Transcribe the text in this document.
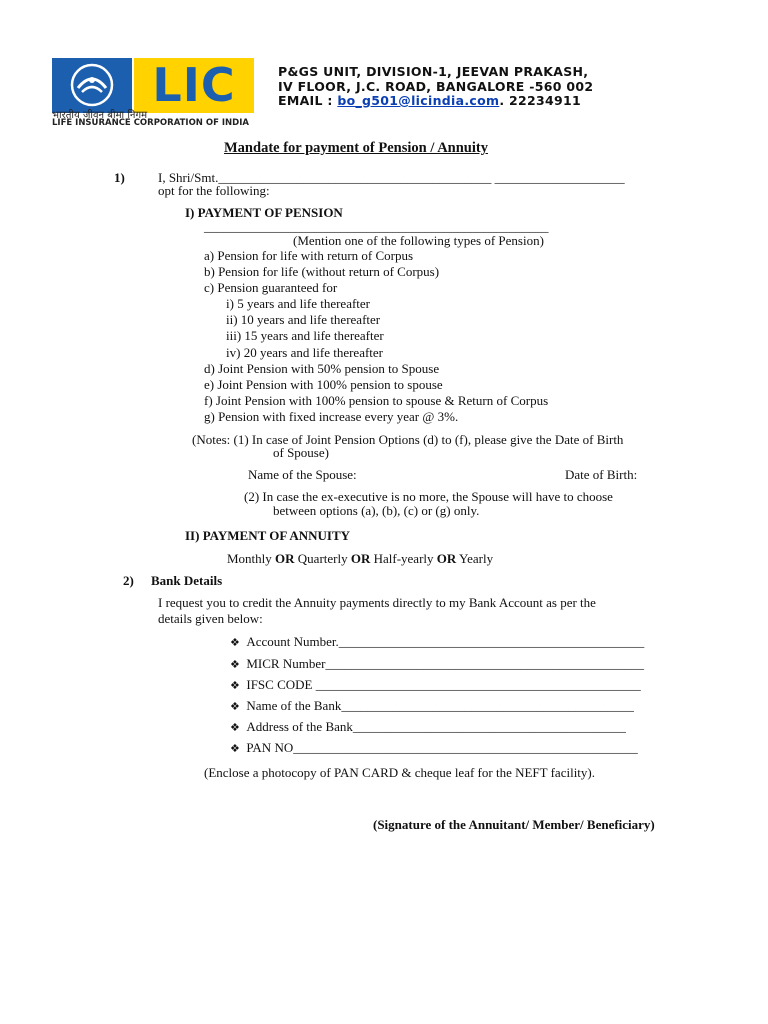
LIC
भारतीय जीवन बीमा निगम
LIFE INSURANCE CORPORATION OF INDIA
P&GS UNIT, DIVISION-1, JEEVAN PRAKASH,
IV FLOOR, J.C. ROAD, BANGALORE -560 002
EMAIL : bo_g501@licindia.com. 22234911
Mandate for payment of Pension / Annuity
1)	I, Shri/Smt.__________________________________________ ____________________
opt for the following:
I) PAYMENT OF PENSION
_____________________________________________________
(Mention one of the following types of Pension)
a) Pension for life with return of Corpus
b) Pension for life (without return of Corpus)
c) Pension guaranteed for
i) 5 years and life thereafter
ii) 10 years and life thereafter
iii) 15 years and life thereafter
iv) 20 years and life thereafter
d) Joint Pension with 50% pension to Spouse
e) Joint Pension with 100% pension to spouse
f) Joint Pension with 100% pension to spouse & Return of Corpus
g) Pension with fixed increase every year @ 3%.
(Notes: (1) In case of Joint Pension Options (d) to (f), please give the Date of Birth
of Spouse)
Name of the Spouse:	Date of Birth:
(2) In case the ex-executive is no more, the Spouse will have to choose
between options (a), (b), (c) or (g) only.
II) PAYMENT OF ANNUITY
Monthly OR Quarterly OR Half-yearly OR Yearly
2) Bank Details
I request you to credit the Annuity payments directly to my Bank Account as per the
details given below:
❖ Account Number._______________________________________________
❖ MICR Number_________________________________________________
❖ IFSC CODE __________________________________________________
❖ Name of the Bank_____________________________________________
❖ Address of the Bank__________________________________________
❖ PAN NO_____________________________________________________
(Enclose a photocopy of PAN CARD & cheque leaf for the NEFT facility).
(Signature of the Annuitant/ Member/ Beneficiary)
